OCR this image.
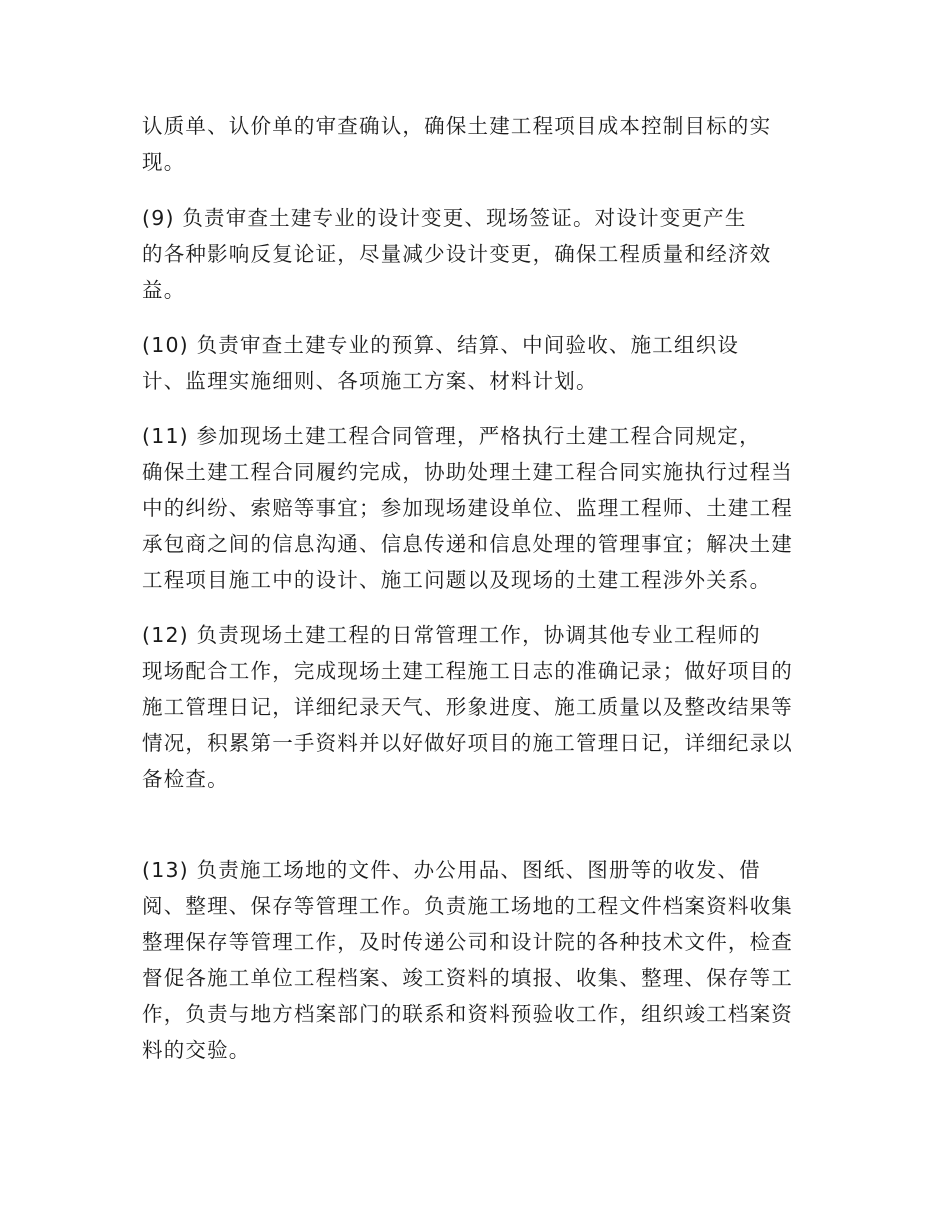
认质单、认价单的审查确认，确保土建工程项目成本控制目标的实
现。
(9) 负责审查土建专业的设计变更、现场签证。对设计变更产生
的各种影响反复论证，尽量减少设计变更，确保工程质量和经济效
益。
(10) 负责审查土建专业的预算、结算、中间验收、施工组织设
计、监理实施细则、各项施工方案、材料计划。
(11) 参加现场土建工程合同管理，严格执行土建工程合同规定，
确保土建工程合同履约完成，协助处理土建工程合同实施执行过程当
中的纠纷、索赔等事宜；参加现场建设单位、监理工程师、土建工程
承包商之间的信息沟通、信息传递和信息处理的管理事宜；解决土建
工程项目施工中的设计、施工问题以及现场的土建工程涉外关系。
(12) 负责现场土建工程的日常管理工作，协调其他专业工程师的
现场配合工作，完成现场土建工程施工日志的准确记录；做好项目的
施工管理日记，详细纪录天气、形象进度、施工质量以及整改结果等
情况，积累第一手资料并以好做好项目的施工管理日记，详细纪录以
备检查。
(13) 负责施工场地的文件、办公用品、图纸、图册等的收发、借
阅、整理、保存等管理工作。负责施工场地的工程文件档案资料收集
整理保存等管理工作，及时传递公司和设计院的各种技术文件，检查
督促各施工单位工程档案、竣工资料的填报、收集、整理、保存等工
作，负责与地方档案部门的联系和资料预验收工作，组织竣工档案资
料的交验。
